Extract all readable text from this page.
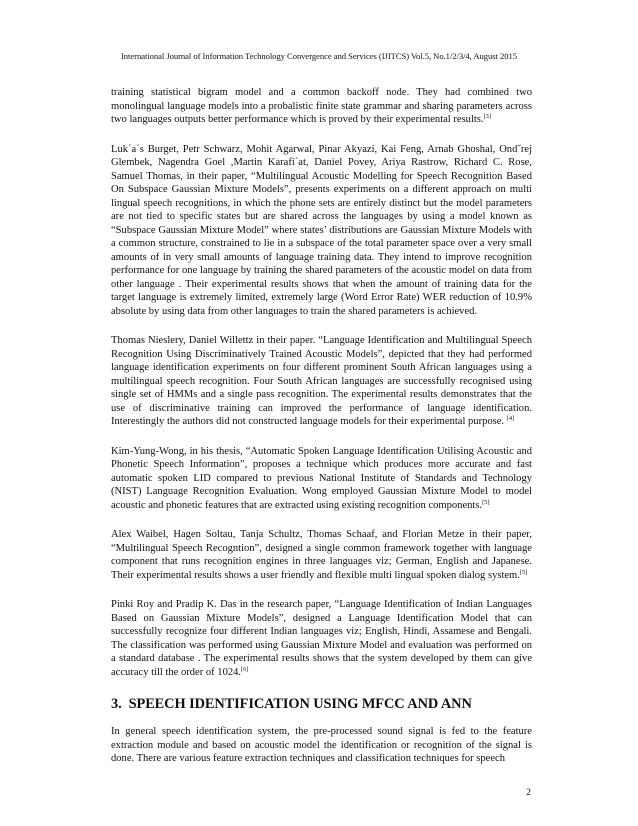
International Journal of Information Technology Convergence and Services (IJITCS) Vol.5, No.1/2/3/4, August 2015

training statistical bigram model and a common backoff node. They had combined two monolingual language models into a probalistic finite state grammar and sharing parameters across two languages outputs better performance which is proved by their experimental results.[3]

Luk´a´s Burget, Petr Schwarz, Mohit Agarwal, Pinar Akyazi, Kai Feng, Arnab Ghoshal, Ond˘rej Glembek, Nagendra Goel ,Martin Karafi´at, Daniel Povey, Ariya Rastrow, Richard C. Rose, Samuel Thomas, in their paper, “Multilingual Acoustic Modelling for Speech Recognition Based On Subspace Gaussian Mixture Models”, presents experiments on a different approach on multi lingual speech recognitions, in which the phone sets are entirely distinct but the model parameters are not tied to specific states but are shared across the languages by using a model known as “Subspace Gaussian Mixture Model” where states’ distributions are Gaussian Mixture Models with a common structure, constrained to lie in a subspace of the total parameter space over a very small amounts of in very small amounts of language training data. They intend to improve recognition performance for one language by training the shared parameters of the acoustic model on data from other language . Their experimental results shows that when the amount of training data for the target language is extremely limited, extremely large (Word Error Rate) WER reduction of 10.9% absolute by using data from other languages to train the shared parameters is achieved.

Thomas Nieslery, Daniel Willettz in their paper. “Language Identification and Multilingual Speech Recognition Using Discriminatively Trained Acoustic Models”, depicted that they had performed language identification experiments on four different prominent South African languages using a multilingual speech recognition. Four South African languages are successfully recognised using single set of HMMs and a single pass recognition. The experimental results demonstrates that the use of discriminative training can improved the performance of language identification. Interestingly the authors did not constructed language models for their experimental purpose. [4]

Kim-Yung-Wong, in his thesis, “Automatic Spoken Language Identification Utilising Acoustic and Phonetic Speech Information”, proposes a technique which produces more accurate and fast automatic spoken LID compared to previous National Institute of Standards and Technology (NIST) Language Recognition Evaluation. Wong employed Gaussian Mixture Model to model acoustic and phonetic features that are extracted using existing recognition components.[5]

Alex Waibel, Hagen Soltau, Tanja Schultz, Thomas Schaaf, and Florian Metze in their paper, “Multilingual Speech Recogntion”, designed a single common framework together with language component that runs recognition engines in three languages viz; German, English and Japanese. Their experimental results shows a user friendly and flexible multi lingual spoken dialog system.[5]

Pinki Roy and Pradip K. Das in the research paper, “Language Identification of Indian Languages Based on Gaussian Mixture Models”, designed a Language Identification Model that can successfully recognize four different Indian languages viz; English, Hindi, Assamese and Bengali. The classification was performed using Gaussian Mixture Model and evaluation was performed on a standard database . The experimental results shows that the system developed by them can give accuracy till the order of 1024.[6]

3. SPEECH IDENTIFICATION USING MFCC AND ANN

In general speech identification system, the pre-processed sound signal is fed to the feature extraction module and based on acoustic model the identification or recognition of the signal is done. There are various feature extraction techniques and classification techniques for speech

2
